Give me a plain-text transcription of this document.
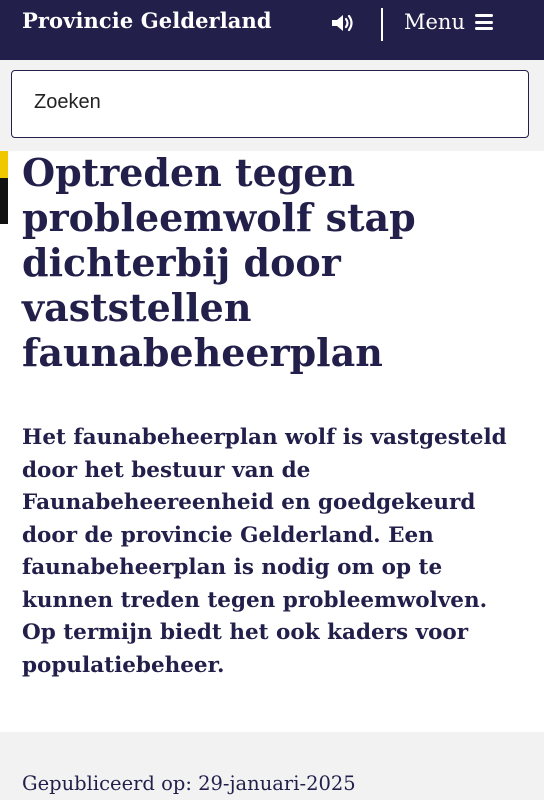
Provincie Gelderland	Menu
Zoeken
Optreden tegen probleemwolf stap dichterbij door vaststellen faunabeheerplan

Het faunabeheerplan wolf is vastgesteld door het bestuur van de Faunabeheereenheid en goedgekeurd door de provincie Gelderland. Een faunabeheerplan is nodig om op te kunnen treden tegen probleemwolven. Op termijn biedt het ook kaders voor populatiebeheer.

Gepubliceerd op: 29-januari-2025
